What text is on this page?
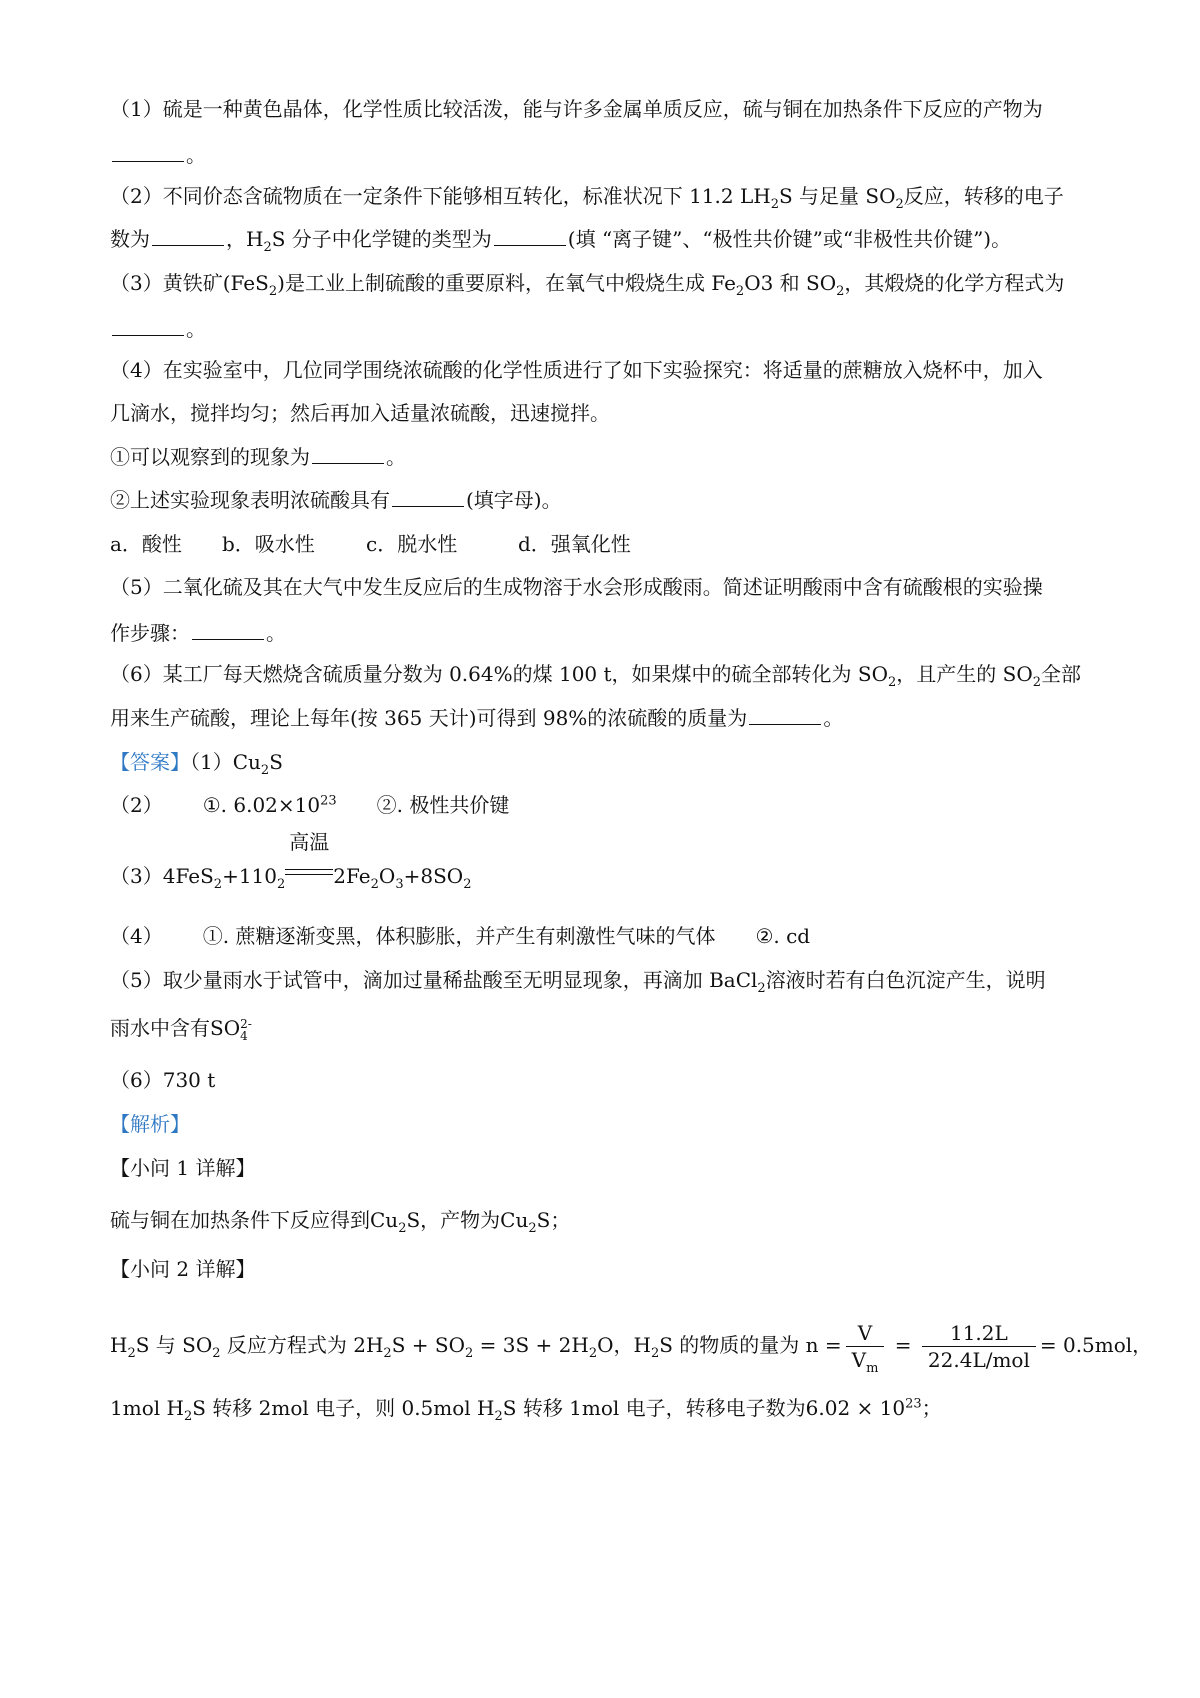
（1）硫是一种黄色晶体，化学性质比较活泼，能与许多金属单质反应，硫与铜在加热条件下反应的产物为
。
（2）不同价态含硫物质在一定条件下能够相互转化，标准状况下 11.2 $LH_2S$ 与足量 $SO_2$反应，转移的电子
数为	，$H_2S$ 分子中化学键的类型为	(填 “离子键”、“极性共价键”或“非极性共价键”)。
（3）黄铁矿(FeS$_2$)是工业上制硫酸的重要原料，在氧气中煅烧生成 $Fe_2O3$ 和 $SO_2$，其煅烧的化学方程式为
。
（4）在实验室中，几位同学围绕浓硫酸的化学性质进行了如下实验探究：将适量的蔗糖放入烧杯中，加入
几滴水，搅拌均匀；然后再加入适量浓硫酸，迅速搅拌。
①可以观察到的现象为	。
②上述实验现象表明浓硫酸具有	(填字母)。
a．酸性 b．吸水性	c．脱水性	d．强氧化性
（5）二氧化硫及其在大气中发生反应后的生成物溶于水会形成酸雨。简述证明酸雨中含有硫酸根的实验操
作步骤：	。
（6）某工厂每天燃烧含硫质量分数为 0.64%的煤 100 t，如果煤中的硫全部转化为 $SO_2$，且产生的 $SO_2$全部
用来生产硫酸，理论上每年(按 365 天计)可得到 98%的浓硫酸的质量为	。
【答案】$(1)Cu_2S$
（2） ①. $6.02\times 10^{23}$ ②. 极性共价键
$(3)4FeS_2+110_2$
高温
$2Fe_2O_3+8SO_2$
（4） ①. 蔗糖逐渐变黑，体积膨胀，并产生有刺激性气味的气体 ②. cd
（5）取少量雨水于试管中，滴加过量稀盐酸至无明显现象，再滴加 BaCl$_2$溶液时若有白色沉淀产生，说明
雨水中含有SO 2-
4
（6）730 t
【解析】
【小问 1 详解】
硫与铜在加热条件下反应得到$Cu_2S$，产物为$Cu_2S$；
【小问 2 详解】
$H_2S$ 与 $SO_2$ 反应方程式为 $2H_2S + SO_2 = 3S + 2H_2O$，$H_2S$ 的物质的量为 $n = \frac{V}{V_m} = \frac{11.2L}{\text{22.4L/mol}} = 0.5mol$，
1mol $H_2S$ 转移 2mol 电子，则 0.5mol $H_2S$ 转移 1mol 电子，转移电子数为$6.02 \times 10^{23}$；
